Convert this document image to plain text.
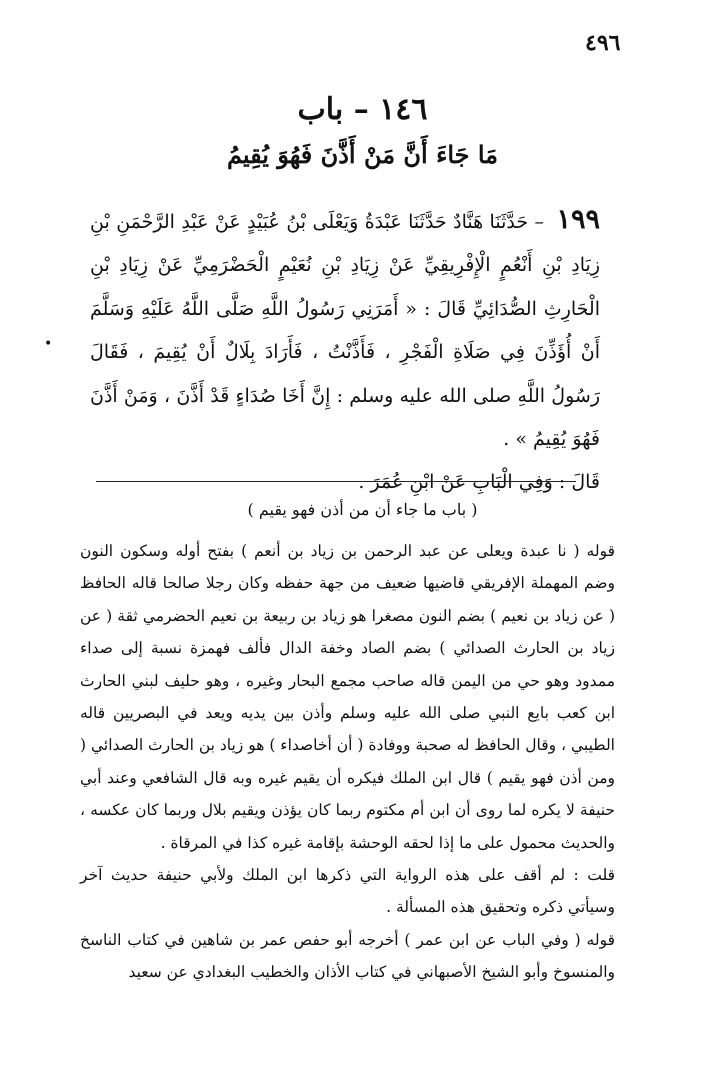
٤٩٦
١٤٦ – باب
مَا جَاءَ أَنَّ مَنْ أَذَّنَ فَهُوَ يُقِيمُ
١٩٩ – حَدَّثَنَا هَنَّادٌ حَدَّثَنَا عَبْدَةُ وَيَعْلَى بْنُ عُبَيْدٍ عَنْ عَبْدِ الرَّحْمَنِ بْنِ زِيَادِ بْنِ أَنْعُمٍ الْإِفْرِيقِيِّ عَنْ زِيَادِ بْنِ نُعَيْمٍ الْحَضْرَمِيِّ عَنْ زِيَادِ بْنِ الْحَارِثِ الصُّدَائِيِّ قَالَ : « أَمَرَنِي رَسُولُ اللَّهِ صَلَّى اللَّهُ عَلَيْهِ وَسَلَّمَ أَنْ أُؤَذِّنَ فِي صَلَاةِ الْفَجْرِ ، فَأَذَّنْتُ ، فَأَرَادَ بِلَالٌ أَنْ يُقِيمَ ، فَقَالَ رَسُولُ اللَّهِ صلى الله عليه وسلم : إِنَّ أَخَا صُدَاءٍ قَدْ أَذَّنَ ، وَمَنْ أَذَّنَ فَهُوَ يُقِيمُ » .
قَالَ : وَفِي الْبَابِ عَنْ ابْنِ عُمَرَ .
•
( باب ما جاء أن من أذن فهو يقيم )

قوله ( نا عبدة ويعلى عن عبد الرحمن بن زياد بن أنعم ) بفتح أوله وسكون النون وضم المهملة الإفريقي قاضيها ضعيف من جهة حفظه وكان رجلا صالحا قاله الحافظ ( عن زياد بن نعيم ) بضم النون مصغرا هو زياد بن ربيعة بن نعيم الحضرمي ثقة ( عن زياد بن الحارث الصدائي ) بضم الصاد وخفة الدال فألف فهمزة نسبة إلى صداء ممدود وهو حي من اليمن قاله صاحب مجمع البحار وغيره ، وهو حليف لبني الحارث ابن كعب بايع النبي صلى الله عليه وسلم وأذن بين يديه ويعد في البصريين قاله الطيبي ، وقال الحافظ له صحبة ووفادة ( أن أخاصداء ) هو زياد بن الحارث الصدائي ( ومن أذن فهو يقيم ) قال ابن الملك فيكره أن يقيم غيره وبه قال الشافعي وعند أبي حنيفة لا يكره لما روى أن ابن أم مكتوم ربما كان يؤذن ويقيم بلال وربما كان عكسه ، والحديث محمول على ما إذا لحقه الوحشة بإقامة غيره كذا في المرقاة .

قلت : لم أقف على هذه الرواية التي ذكرها ابن الملك ولأبي حنيفة حديث آخر وسيأتي ذكره وتحقيق هذه المسألة .

قوله ( وفي الباب عن ابن عمر ) أخرجه أبو حفص عمر بن شاهين في كتاب الناسخ والمنسوخ وأبو الشيخ الأصبهاني في كتاب الأذان والخطيب البغدادي عن سعيد
